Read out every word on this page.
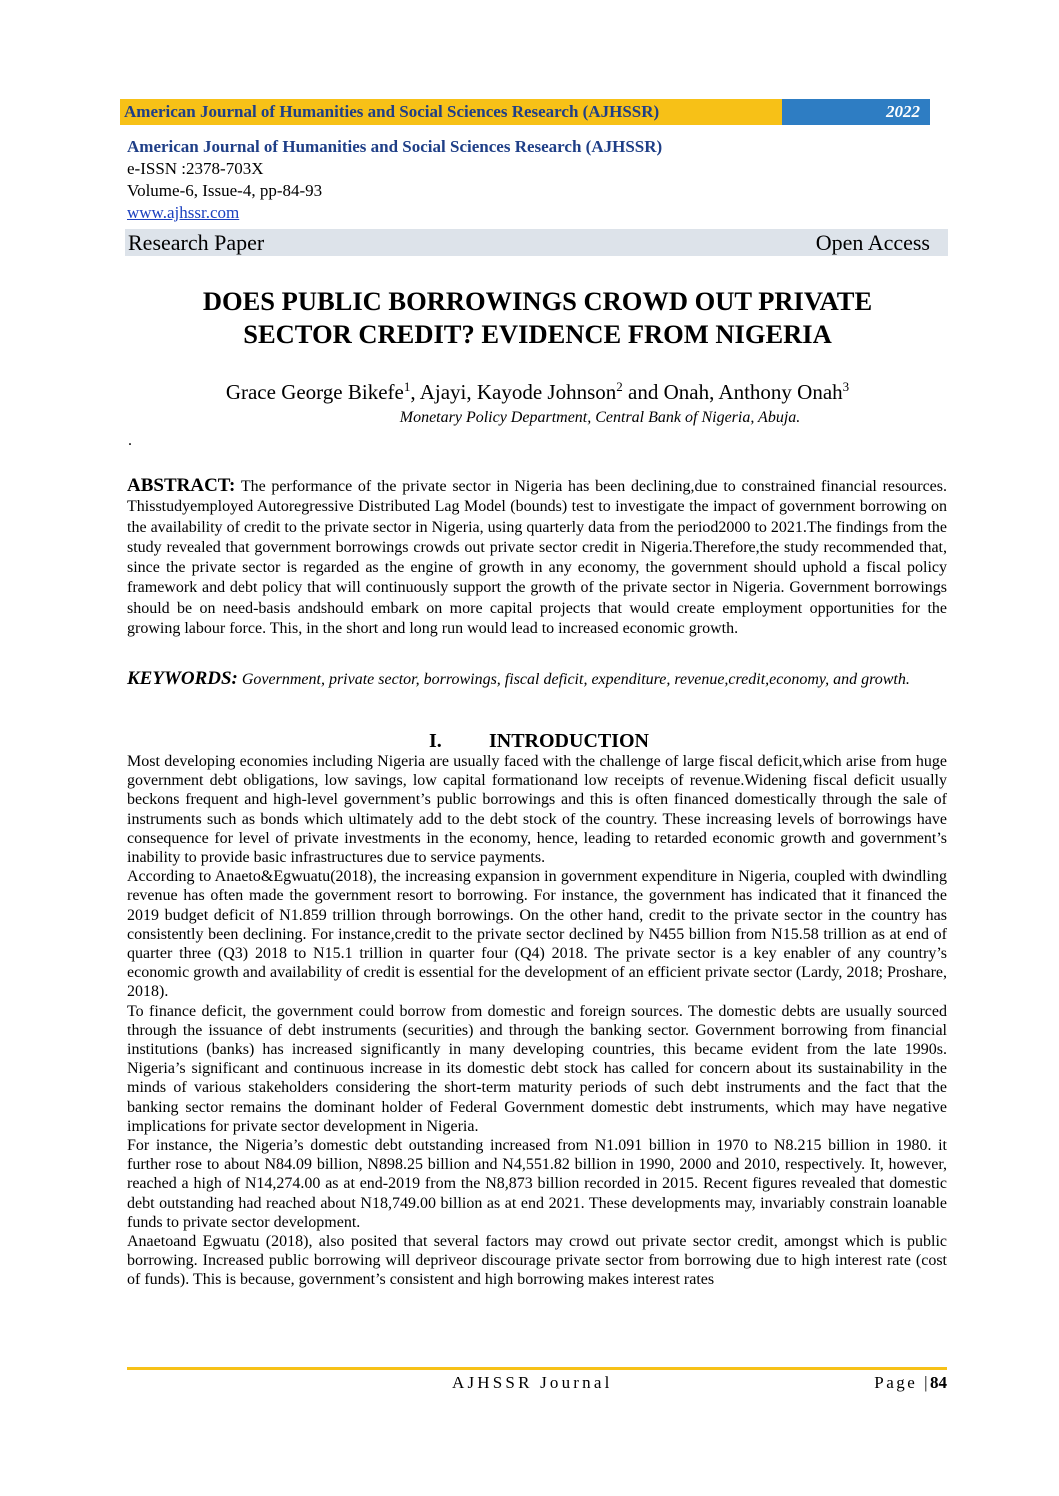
American Journal of Humanities and Social Sciences Research (AJHSSR)	2022
American Journal of Humanities and Social Sciences Research (AJHSSR)
e-ISSN :2378-703X
Volume-6, Issue-4, pp-84-93
www.ajhssr.com
Research Paper	Open Access
DOES PUBLIC BORROWINGS CROWD OUT PRIVATE
SECTOR CREDIT? EVIDENCE FROM NIGERIA
Grace George Bikefe$^1$, Ajayi, Kayode Johnson$^2$ and Onah, Anthony Onah$^3$
Monetary Policy Department, Central Bank of Nigeria, Abuja.
.
ABSTRACT: The performance of the private sector in Nigeria has been declining,due to constrained financial resources. Thisstudyemployed Autoregressive Distributed Lag Model (bounds) test to investigate the impact of government borrowing on the availability of credit to the private sector in Nigeria, using quarterly data from the period2000 to 2021.The findings from the study revealed that government borrowings crowds out private sector credit in Nigeria.Therefore,the study recommended that, since the private sector is regarded as the engine of growth in any economy, the government should uphold a fiscal policy framework and debt policy that will continuously support the growth of the private sector in Nigeria. Government borrowings should be on need-basis andshould embark on more capital projects that would create employment opportunities for the growing labour force. This, in the short and long run would lead to increased economic growth.
KEYWORDS: Government, private sector, borrowings, fiscal deficit, expenditure, revenue,credit,economy, and growth.
I. INTRODUCTION

Most developing economies including Nigeria are usually faced with the challenge of large fiscal deficit,which arise from huge government debt obligations, low savings, low capital formationand low receipts of revenue.Widening fiscal deficit usually beckons frequent and high-level government’s public borrowings and this is often financed domestically through the sale of instruments such as bonds which ultimately add to the debt stock of the country. These increasing levels of borrowings have consequence for level of private investments in the economy, hence, leading to retarded economic growth and government’s inability to provide basic infrastructures due to service payments.

According to Anaeto&Egwuatu(2018), the increasing expansion in government expenditure in Nigeria, coupled with dwindling revenue has often made the government resort to borrowing. For instance, the government has indicated that it financed the 2019 budget deficit of N1.859 trillion through borrowings. On the other hand, credit to the private sector in the country has consistently been declining. For instance,credit to the private sector declined by N455 billion from N15.58 trillion as at end of quarter three (Q3) 2018 to N15.1 trillion in quarter four (Q4) 2018. The private sector is a key enabler of any country’s economic growth and availability of credit is essential for the development of an efficient private sector (Lardy, 2018; Proshare, 2018).

To finance deficit, the government could borrow from domestic and foreign sources. The domestic debts are usually sourced through the issuance of debt instruments (securities) and through the banking sector. Government borrowing from financial institutions (banks) has increased significantly in many developing countries, this became evident from the late 1990s. Nigeria’s significant and continuous increase in its domestic debt stock has called for concern about its sustainability in the minds of various stakeholders considering the short-term maturity periods of such debt instruments and the fact that the banking sector remains the dominant holder of Federal Government domestic debt instruments, which may have negative implications for private sector development in Nigeria.

For instance, the Nigeria’s domestic debt outstanding increased from N1.091 billion in 1970 to N8.215 billion in 1980. it further rose to about N84.09 billion, N898.25 billion and N4,551.82 billion in 1990, 2000 and 2010, respectively. It, however, reached a high of N14,274.00 as at end-2019 from the N8,873 billion recorded in 2015. Recent figures revealed that domestic debt outstanding had reached about N18,749.00 billion as at end 2021. These developments may, invariably constrain loanable funds to private sector development.

Anaetoand Egwuatu (2018), also posited that several factors may crowd out private sector credit, amongst which is public borrowing. Increased public borrowing will depriveor discourage private sector from borrowing due to high interest rate (cost of funds). This is because, government’s consistent and high borrowing makes interest rates

AJHSSR Journal	Page |84
